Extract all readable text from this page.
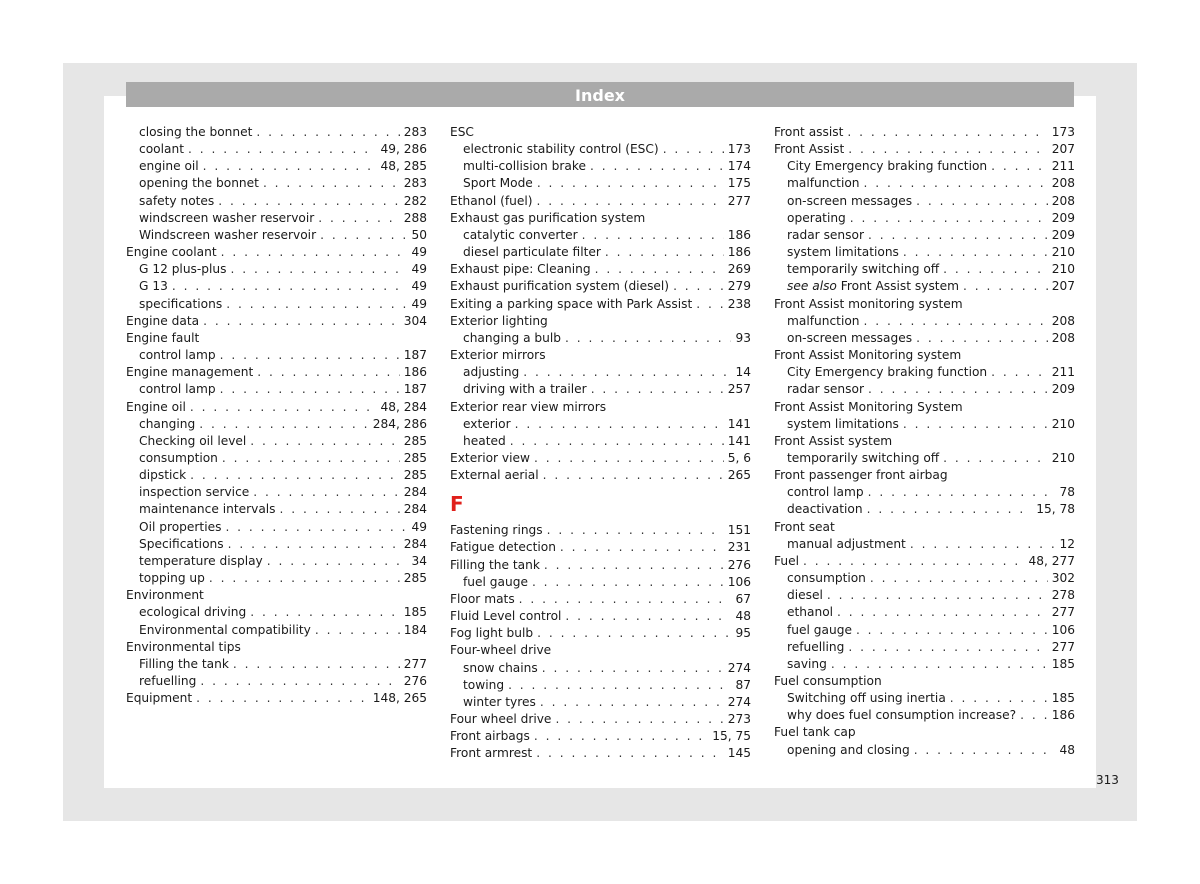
Index
closing the bonnet . . .	283
coolant . . .	49, 286
engine oil . . .	48, 285
opening the bonnet . . .	283
safety notes . . .	282
windscreen washer reservoir . . .	288
Windscreen washer reservoir . . .	50
Engine coolant . . .	49
G 12 plus-plus . . .	49
G 13 . . .	49
specifications . . .	49
Engine data . . .	304
Engine fault
control lamp . . .	187
Engine management . . .	186
control lamp . . .	187
Engine oil . . .	48, 284
changing . . .	284, 286
Checking oil level . . .	285
consumption . . .	285
dipstick . . .	285
inspection service . . .	284
maintenance intervals . . .	284
Oil properties . . .	49
Specifications . . .	284
temperature display . . .	34
topping up . . .	285
Environment
ecological driving . . .	185
Environmental compatibility . . .	184
Environmental tips
Filling the tank . . .	277
refuelling . . .	276
Equipment . . .	148, 265
ESC
electronic stability control (ESC) . . .	173
multi-collision brake . . .	174
Sport Mode . . .	175
Ethanol (fuel) . . .	277
Exhaust gas purification system
catalytic converter . . .	186
diesel particulate filter . . .	186
Exhaust pipe: Cleaning . . .	269
Exhaust purification system (diesel) . . .	279
Exiting a parking space with Park Assist . . .	238
Exterior lighting
changing a bulb . . .	93
Exterior mirrors
adjusting . . .	14
driving with a trailer . . .	257
Exterior rear view mirrors
exterior . . .	141
heated . . .	141
Exterior view . . .	5, 6
External aerial . . .	265
F
Fastening rings . . .	151
Fatigue detection . . .	231
Filling the tank . . .	276
fuel gauge . . .	106
Floor mats . . .	67
Fluid Level control . . .	48
Fog light bulb . . .	95
Four-wheel drive
snow chains . . .	274
towing . . .	87
winter tyres . . .	274
Four wheel drive . . .	273
Front airbags . . .	15, 75
Front armrest . . .	145
Front assist . . .	173
Front Assist . . .	207
City Emergency braking function . . .	211
malfunction . . .	208
on-screen messages . . .	208
operating . . .	209
radar sensor . . .	209
system limitations . . .	210
temporarily switching off . . .	210
see also Front Assist system . . .	207
Front Assist monitoring system
malfunction . . .	208
on-screen messages . . .	208
Front Assist Monitoring system
City Emergency braking function . . .	211
radar sensor . . .	209
Front Assist Monitoring System
system limitations . . .	210
Front Assist system
temporarily switching off . . .	210
Front passenger front airbag
control lamp . . .	78
deactivation . . .	15, 78
Front seat
manual adjustment . . .	12
Fuel . . .	48, 277
consumption . . .	302
diesel . . .	278
ethanol . . .	277
fuel gauge . . .	106
refuelling . . .	277
saving . . .	185
Fuel consumption
Switching off using inertia . . .	185
why does fuel consumption increase? . . .	186
Fuel tank cap
opening and closing . . .	48
313
